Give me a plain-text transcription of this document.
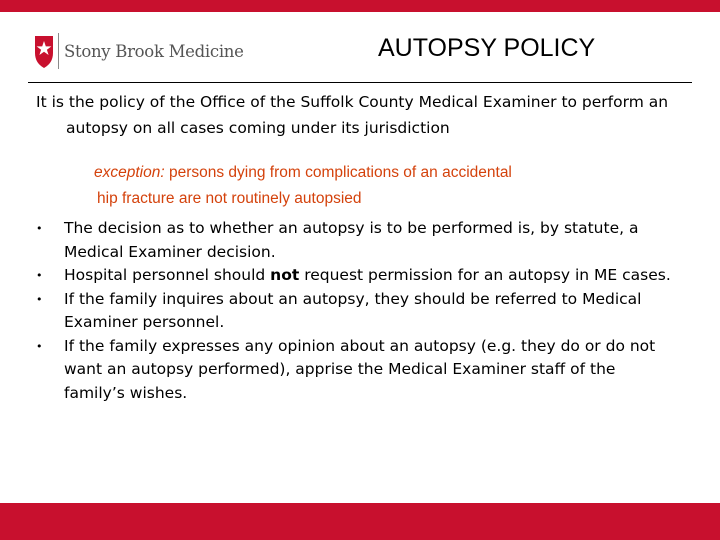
Stony Brook Medicine	AUTOPSY POLICY

It is the policy of the Office of the Suffolk County Medical Examiner to perform an autopsy on all cases coming under its jurisdiction

exception: persons dying from complications of an accidental
hip fracture are not routinely autopsied

•	The decision as to whether an autopsy is to be performed is, by statute, a Medical Examiner decision.
•	Hospital personnel should not request permission for an autopsy in ME cases.
•	If the family inquires about an autopsy, they should be referred to Medical Examiner personnel.
•	If the family expresses any opinion about an autopsy (e.g. they do or do not want an autopsy performed), apprise the Medical Examiner staff of the family’s wishes.
